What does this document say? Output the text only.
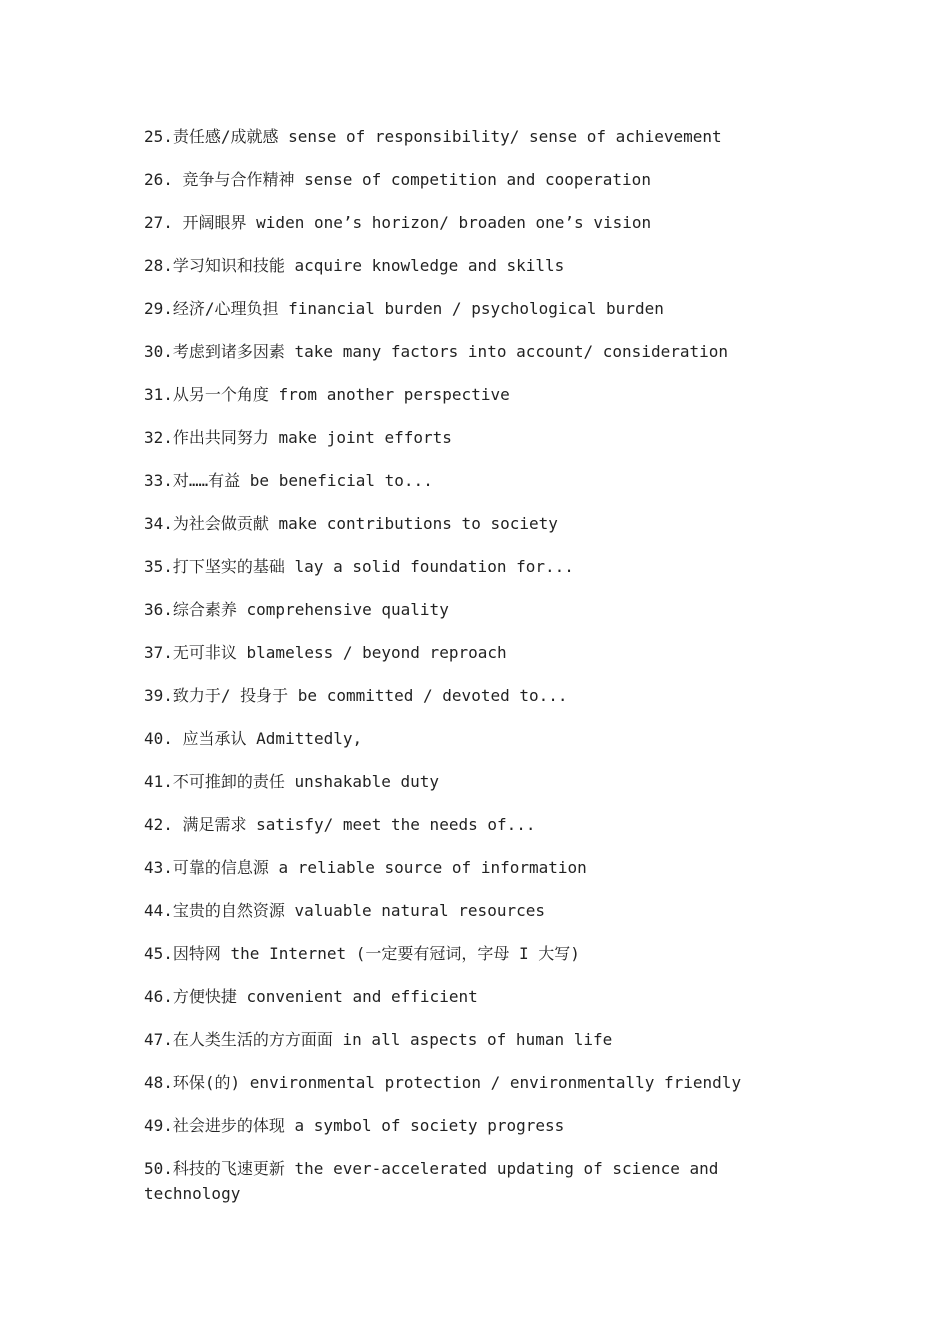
25.责任感/成就感 sense of responsibility/ sense of achievement
26. 竞争与合作精神 sense of competition and cooperation
27. 开阔眼界 widen one’s horizon/ broaden one’s vision
28.学习知识和技能 acquire knowledge and skills
29.经济/心理负担 financial burden / psychological burden
30.考虑到诸多因素 take many factors into account/ consideration
31.从另一个角度 from another perspective
32.作出共同努力 make joint efforts
33.对……有益 be beneficial to...
34.为社会做贡献 make contributions to society
35.打下坚实的基础 lay a solid foundation for...
36.综合素养 comprehensive quality
37.无可非议 blameless / beyond reproach
39.致力于/ 投身于 be committed / devoted to...
40. 应当承认 Admittedly,
41.不可推卸的责任 unshakable duty
42. 满足需求 satisfy/ meet the needs of...
43.可靠的信息源 a reliable source of information
44.宝贵的自然资源 valuable natural resources
45.因特网 the Internet (一定要有冠词，字母 I 大写)
46.方便快捷 convenient and efficient
47.在人类生活的方方面面 in all aspects of human life
48.环保(的) environmental protection / environmentally friendly
49.社会进步的体现 a symbol of society progress
50.科技的飞速更新 the ever-accelerated updating of science and technology
